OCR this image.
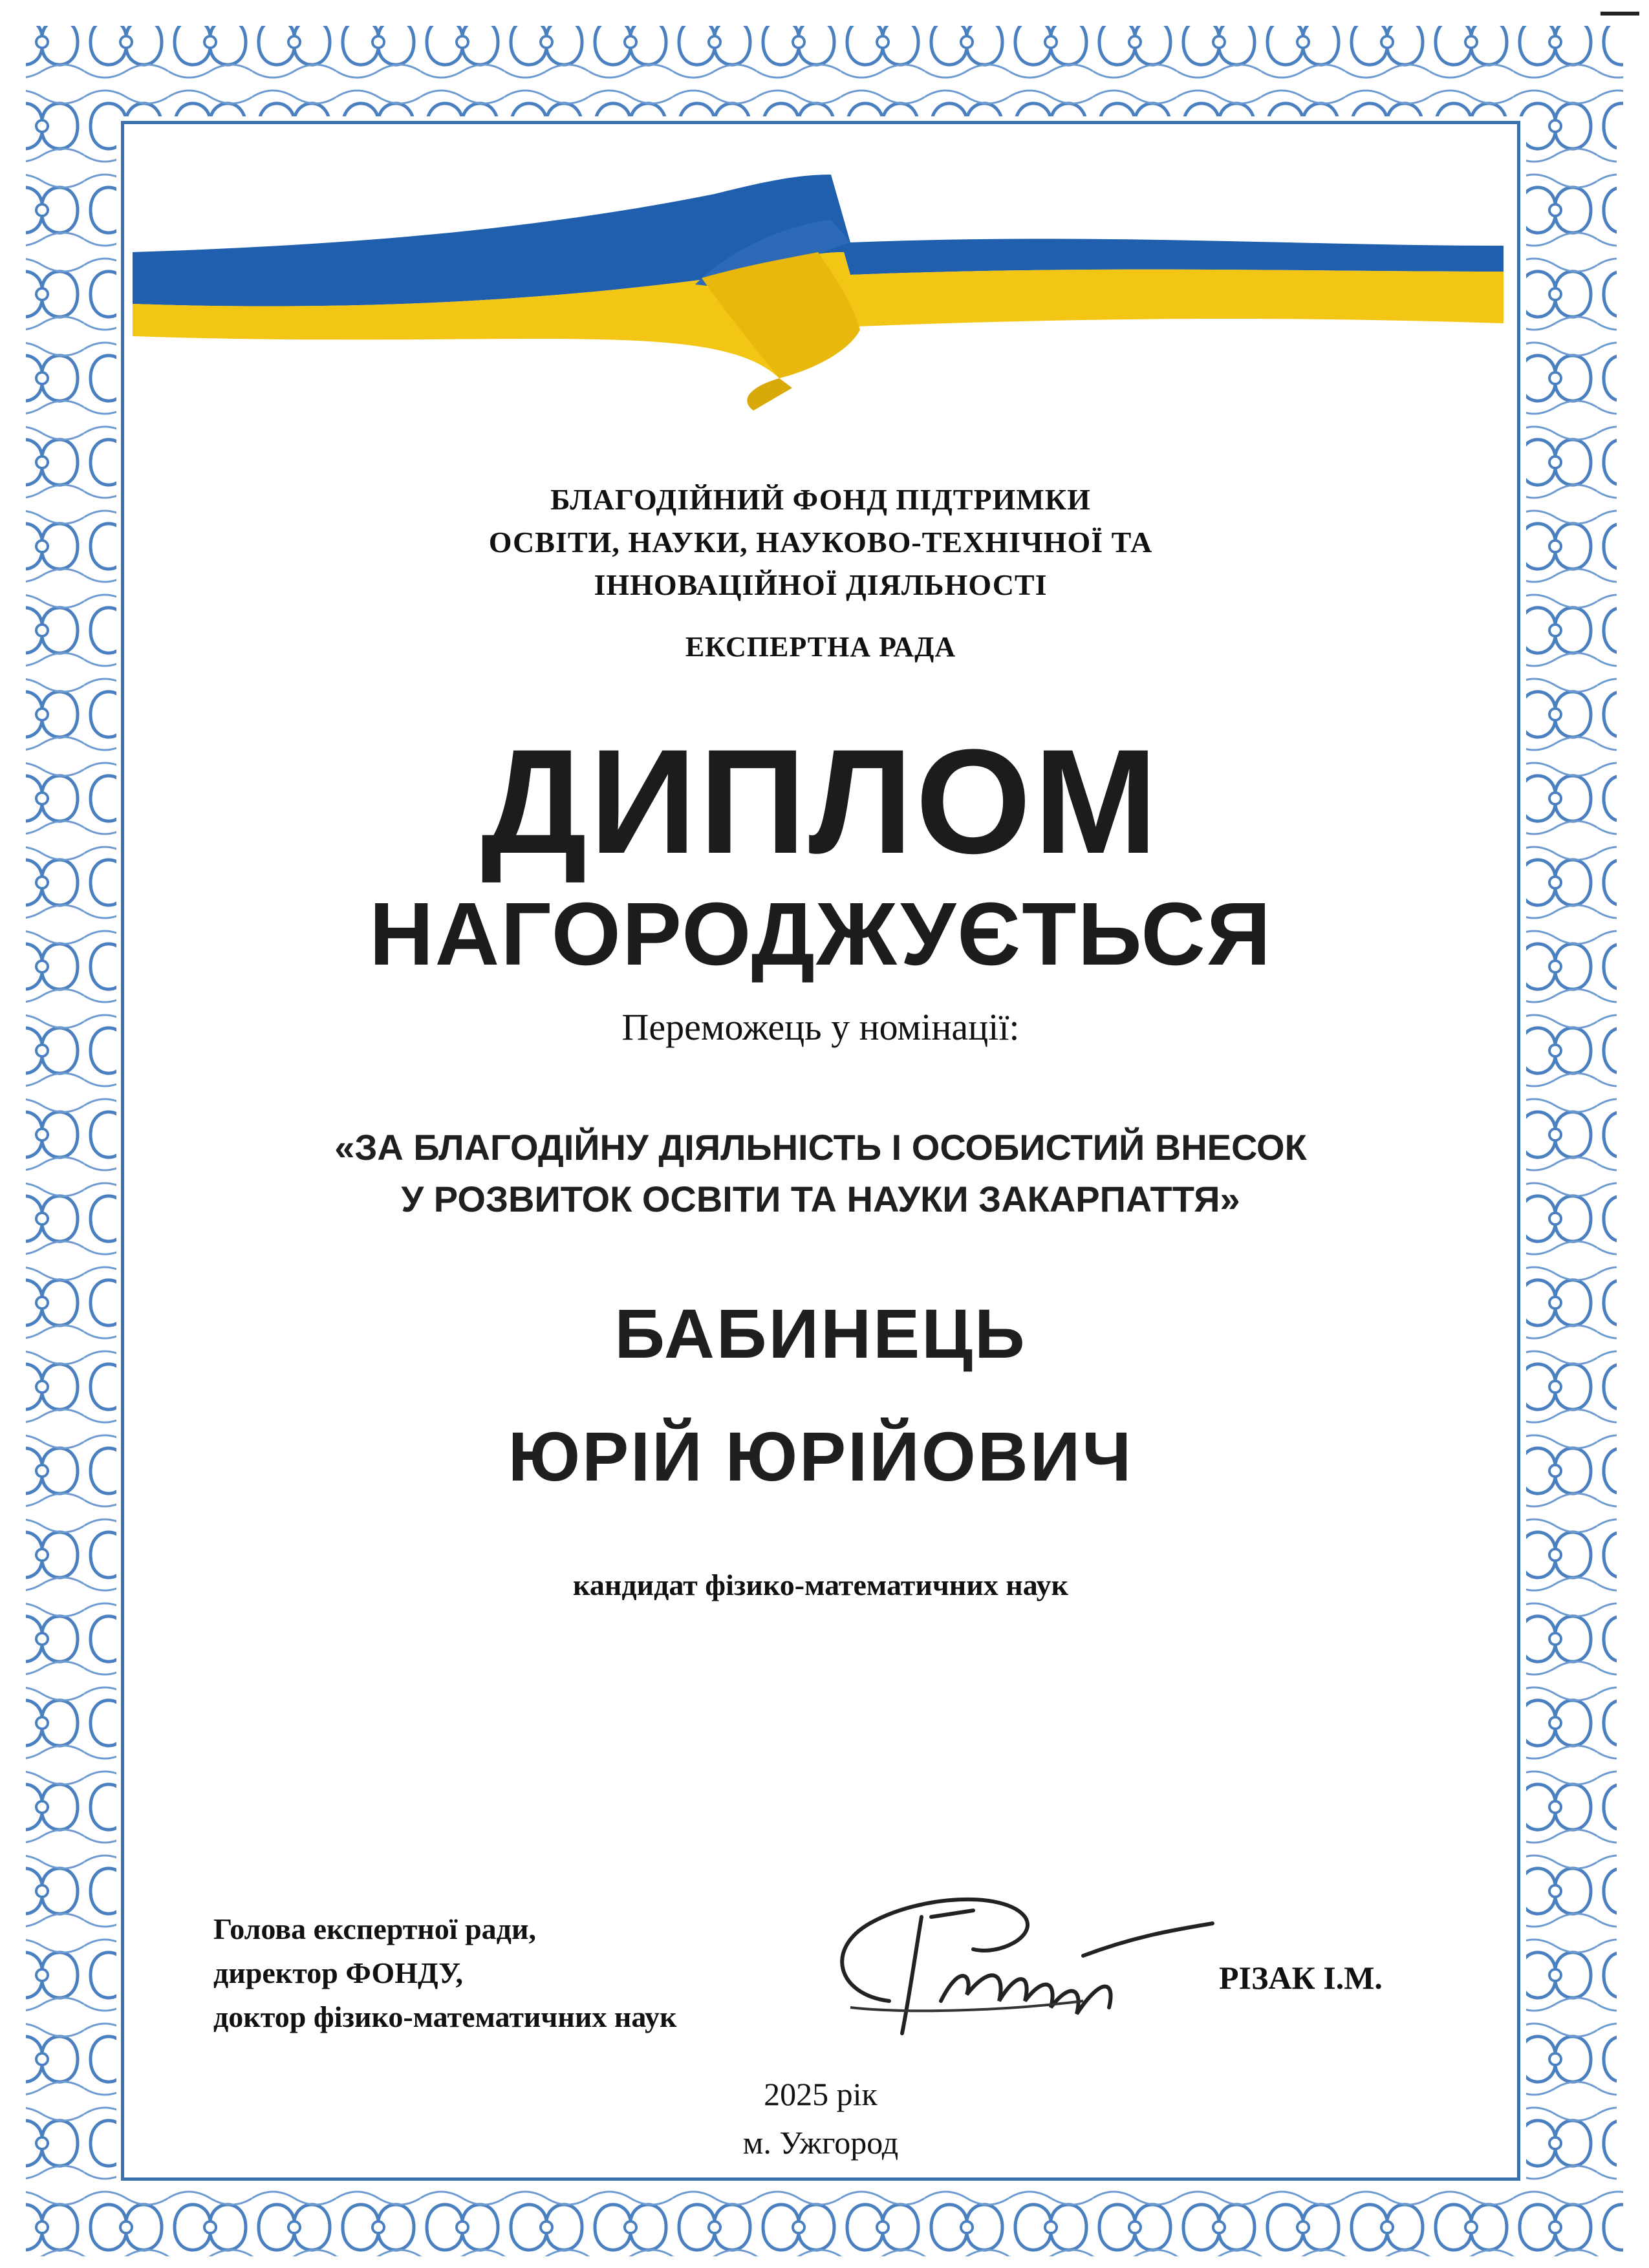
БЛАГОДІЙНИЙ ФОНД ПІДТРИМКИ
ОСВІТИ, НАУКИ, НАУКОВО-ТЕХНІЧНОЇ ТА
ІННОВАЦІЙНОЇ ДІЯЛЬНОСТІ
ЕКСПЕРТНА РАДА
ДИПЛОМ
НАГОРОДЖУЄТЬСЯ
Переможець у номінації:
«ЗА БЛАГОДІЙНУ ДІЯЛЬНІСТЬ І ОСОБИСТИЙ ВНЕСОК
У РОЗВИТОК ОСВІТИ ТА НАУКИ ЗАКАРПАТТЯ»
БАБИНЕЦЬ
ЮРІЙ ЮРІЙОВИЧ
кандидат фізико-математичних наук
Голова експертної ради,
директор ФОНДУ,
доктор фізико-математичних наук
РІЗАК І.М.
2025 рік
м. Ужгород
